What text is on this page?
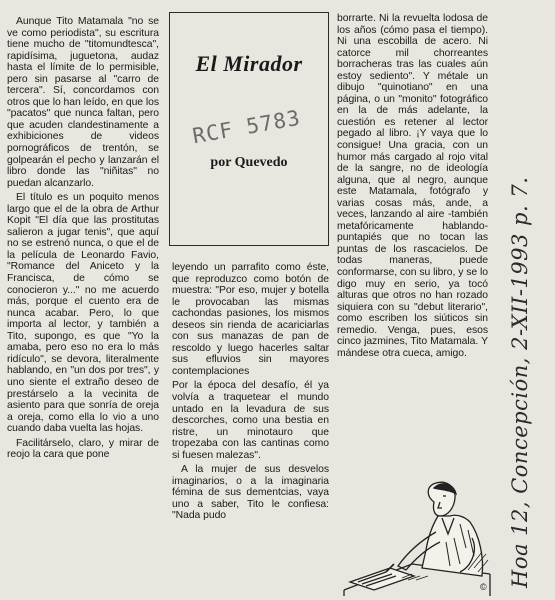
Aunque Tito Matamala "no se ve como periodista", su escritura tiene mucho de "titomundtesca", rapidísima, juguetona, audaz hasta el límite de lo permisible, pero sin pasarse al "carro de tercera". Sí, concordamos con otros que lo han leído, en que los "pacatos" que nunca faltan, pero que acuden clandestinamente a exhibiciones de videos pornográficos de trentón, se golpearán el pecho y lanzarán el libro donde las "niñitas" no puedan alcanzarlo.

El título es un poquito menos largo que el de la obra de Arthur Kopit "El día que las prostitutas salieron a jugar tenis", que aquí no se estrenó nunca, o que el de la película de Leonardo Favio, "Romance del Aniceto y la Francisca, de cómo se conocieron y..." no me acuerdo más, porque el cuento era de nunca acabar. Pero, lo que importa al lector, y también a Tito, supongo, es que "Yo la amaba, pero eso no era lo más ridículo", se devora, literalmente hablando, en "un dos por tres", y uno siente el extraño deseo de prestárselo a la vecinita de asiento para que sonría de oreja a oreja, como ella lo vio a uno cuando daba vuelta las hojas.

Facilitárselo, claro, y mirar de reojo la cara que pone

El Mirador
RCF 5783
por Quevedo

leyendo un parrafito como éste, que reproduzco como botón de muestra: "Por eso, mujer y botella le provocaban las mismas cachondas pasiones, los mismos deseos sin rienda de acariciarlas con sus manazas de pan de rescoldo y luego hacerles saltar sus efluvios sin mayores contemplaciones

Por la época del desafío, él ya volvía a traquetear el mundo untado en la levadura de sus descorches, como una bestia en ristre, un minotauro que tropezaba con las cantinas como si fuesen malezas".

A la mujer de sus desvelos imaginarios, o a la imaginaria fémina de sus dementcias, vaya uno a saber, Tito le confiesa: "Nada pudo

borrarte. Ni la revuelta lodosa de los años (cómo pasa el tiempo). Ni una escobilla de acero. Ni catorce mil chorreantes borracheras tras las cuales aún estoy sediento". Y métale un dibujo "quinotiano" en una página, o un "monito" fotográfico en la de más adelante, la cuestión es retener al lector pegado al libro. ¡Y vaya que lo consigue! Una gracia, con un humor más cargado al rojo vital de la sangre, no de ideología alguna, que al negro, aunque este Matamala, fotógrafo y varias cosas más, ande, a veces, lanzando al aire -también metafóricamente hablando- puntapiés que no tocan las puntas de los rascacielos. De todas maneras, puede conformarse, con su libro, y se lo digo muy en serio, ya tocó alturas que otros no han rozado siquiera con su "debut literario", como escriben los siúticos sin remedio. Venga, pues, esos cinco jazmines, Tito Matamala. Y mándese otra cueca, amigo.

© Hoa 12, Concepción, 2-XII-1993 p. 7.
